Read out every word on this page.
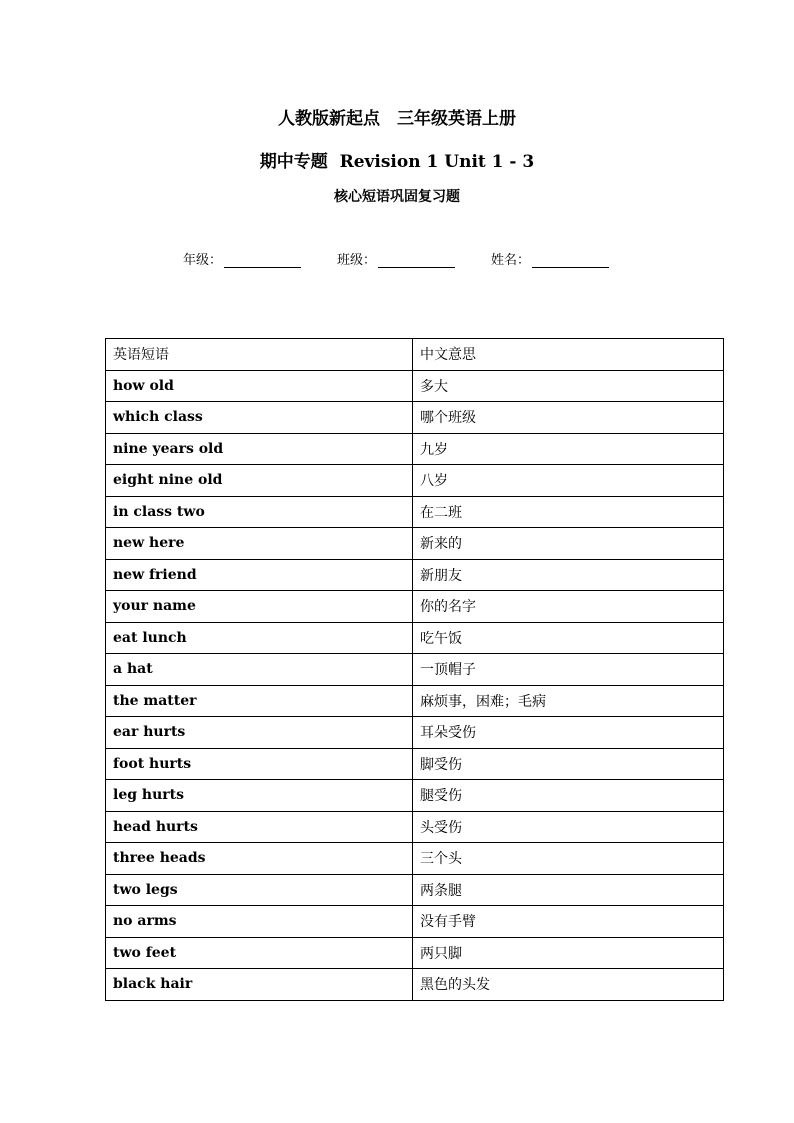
人教版新起点　三年级英语上册
期中专题  Revision 1 Unit 1 - 3
核心短语巩固复习题
年级：	班级：	姓名：
英语短语	中文意思
how old	多大
which class	哪个班级
nine years old	九岁
eight nine old	八岁
in class two	在二班
new here	新来的
new friend	新朋友
your name	你的名字
eat lunch	吃午饭
a hat	一顶帽子
the matter	麻烦事，困难；毛病
ear hurts	耳朵受伤
foot hurts	脚受伤
leg hurts	腿受伤
head hurts	头受伤
three heads	三个头
two legs	两条腿
no arms	没有手臂
two feet	两只脚
black hair	黑色的头发
